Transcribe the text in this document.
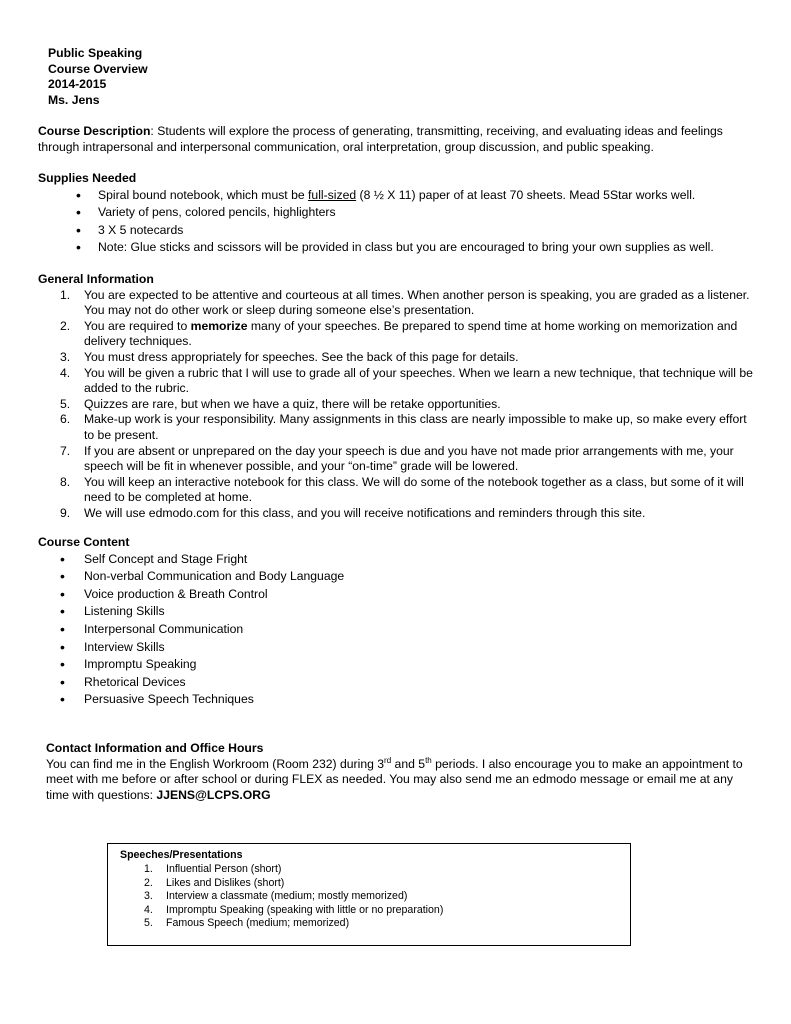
Public Speaking
Course Overview
2014-2015
Ms. Jens
Course Description: Students will explore the process of generating, transmitting, receiving, and evaluating ideas and feelings through intrapersonal and interpersonal communication, oral interpretation, group discussion, and public speaking.
Supplies Needed
• Spiral bound notebook, which must be full-sized (8 ½ X 11) paper of at least 70 sheets. Mead 5Star works well.
• Variety of pens, colored pencils, highlighters
• 3 X 5 notecards
• Note: Glue sticks and scissors will be provided in class but you are encouraged to bring your own supplies as well.
General Information
1. You are expected to be attentive and courteous at all times. When another person is speaking, you are graded as a listener. You may not do other work or sleep during someone else’s presentation.
2. You are required to memorize many of your speeches. Be prepared to spend time at home working on memorization and delivery techniques.
3. You must dress appropriately for speeches. See the back of this page for details.
4. You will be given a rubric that I will use to grade all of your speeches. When we learn a new technique, that technique will be added to the rubric.
5. Quizzes are rare, but when we have a quiz, there will be retake opportunities.
6. Make-up work is your responsibility. Many assignments in this class are nearly impossible to make up, so make every effort to be present.
7. If you are absent or unprepared on the day your speech is due and you have not made prior arrangements with me, your speech will be fit in whenever possible, and your “on-time” grade will be lowered.
8. You will keep an interactive notebook for this class. We will do some of the notebook together as a class, but some of it will need to be completed at home.
9. We will use edmodo.com for this class, and you will receive notifications and reminders through this site.
Course Content
• Self Concept and Stage Fright
• Non-verbal Communication and Body Language
• Voice production & Breath Control
• Listening Skills
• Interpersonal Communication
• Interview Skills
• Impromptu Speaking
• Rhetorical Devices
• Persuasive Speech Techniques
Contact Information and Office Hours
You can find me in the English Workroom (Room 232) during 3rd and 5th periods. I also encourage you to make an appointment to meet with me before or after school or during FLEX as needed. You may also send me an edmodo message or email me at any time with questions: JJENS@LCPS.ORG
Speeches/Presentations
1. Influential Person (short)
2. Likes and Dislikes (short)
3. Interview a classmate (medium; mostly memorized)
4. Impromptu Speaking (speaking with little or no preparation)
5. Famous Speech (medium; memorized)
